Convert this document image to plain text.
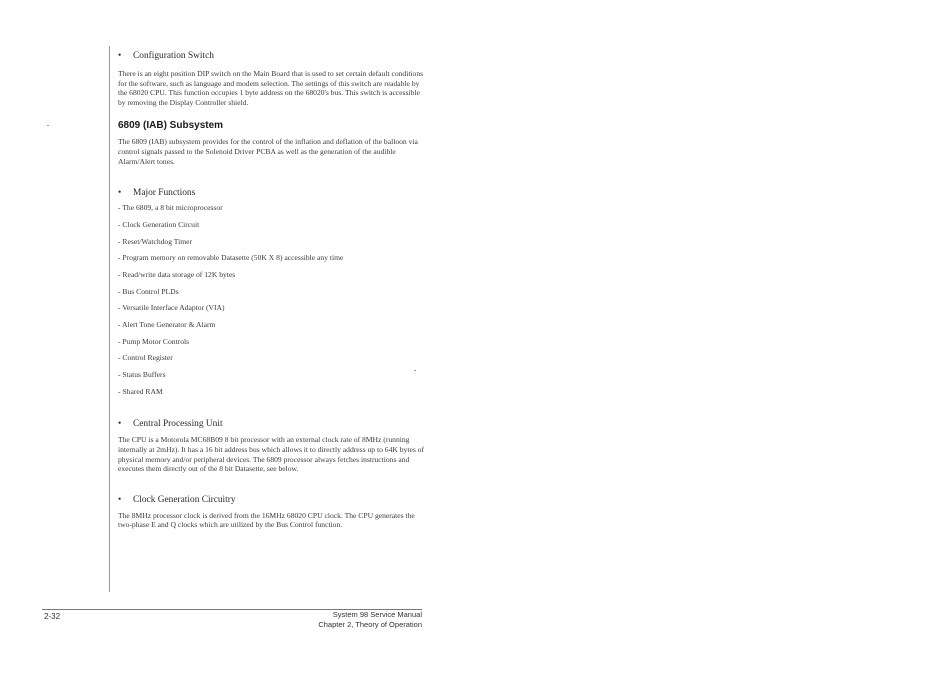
• Configuration Switch

There is an eight position DIP switch on the Main Board that is used to set certain default conditions for the software, such as language and modem selection. The settings of this switch are readable by the 68020 CPU. This function occupies 1 byte address on the 68020's bus. This switch is accessible by removing the Display Controller shield.

6809 (IAB) Subsystem

The 6809 (IAB) subsystem provides for the control of the inflation and deflation of the balloon via control signals passed to the Solenoid Driver PCBA as well as the generation of the audible Alarm/Alert tones.

• Major Functions

- The 6809, a 8 bit microprocessor
- Clock Generation Circuit
- Reset/Watchdog Timer
- Program memory on removable Datasette (50K X 8) accessible any time
- Read/write data storage of 12K bytes
- Bus Control PLDs
- Versatile Interface Adaptor (VIA)
- Alert Tone Generator & Alarm
- Pump Motor Controls
- Control Register
- Status Buffers
- Shared RAM

• Central Processing Unit

The CPU is a Motorola MC68B09 8 bit processor with an external clock rate of 8MHz (running internally at 2mHz). It has a 16 bit address bus which allows it to directly address up to 64K bytes of physical memory and/or peripheral devices. The 6809 processor always fetches instructions and executes them directly out of the 8 bit Datasette, see below.

• Clock Generation Circuitry

The 8MHz processor clock is derived from the 16MHz 68020 CPU clock. The CPU generates the two-phase E and Q clocks which are utilized by the Bus Control function.

2-32	System 98 Service Manual
Chapter 2, Theory of Operation
